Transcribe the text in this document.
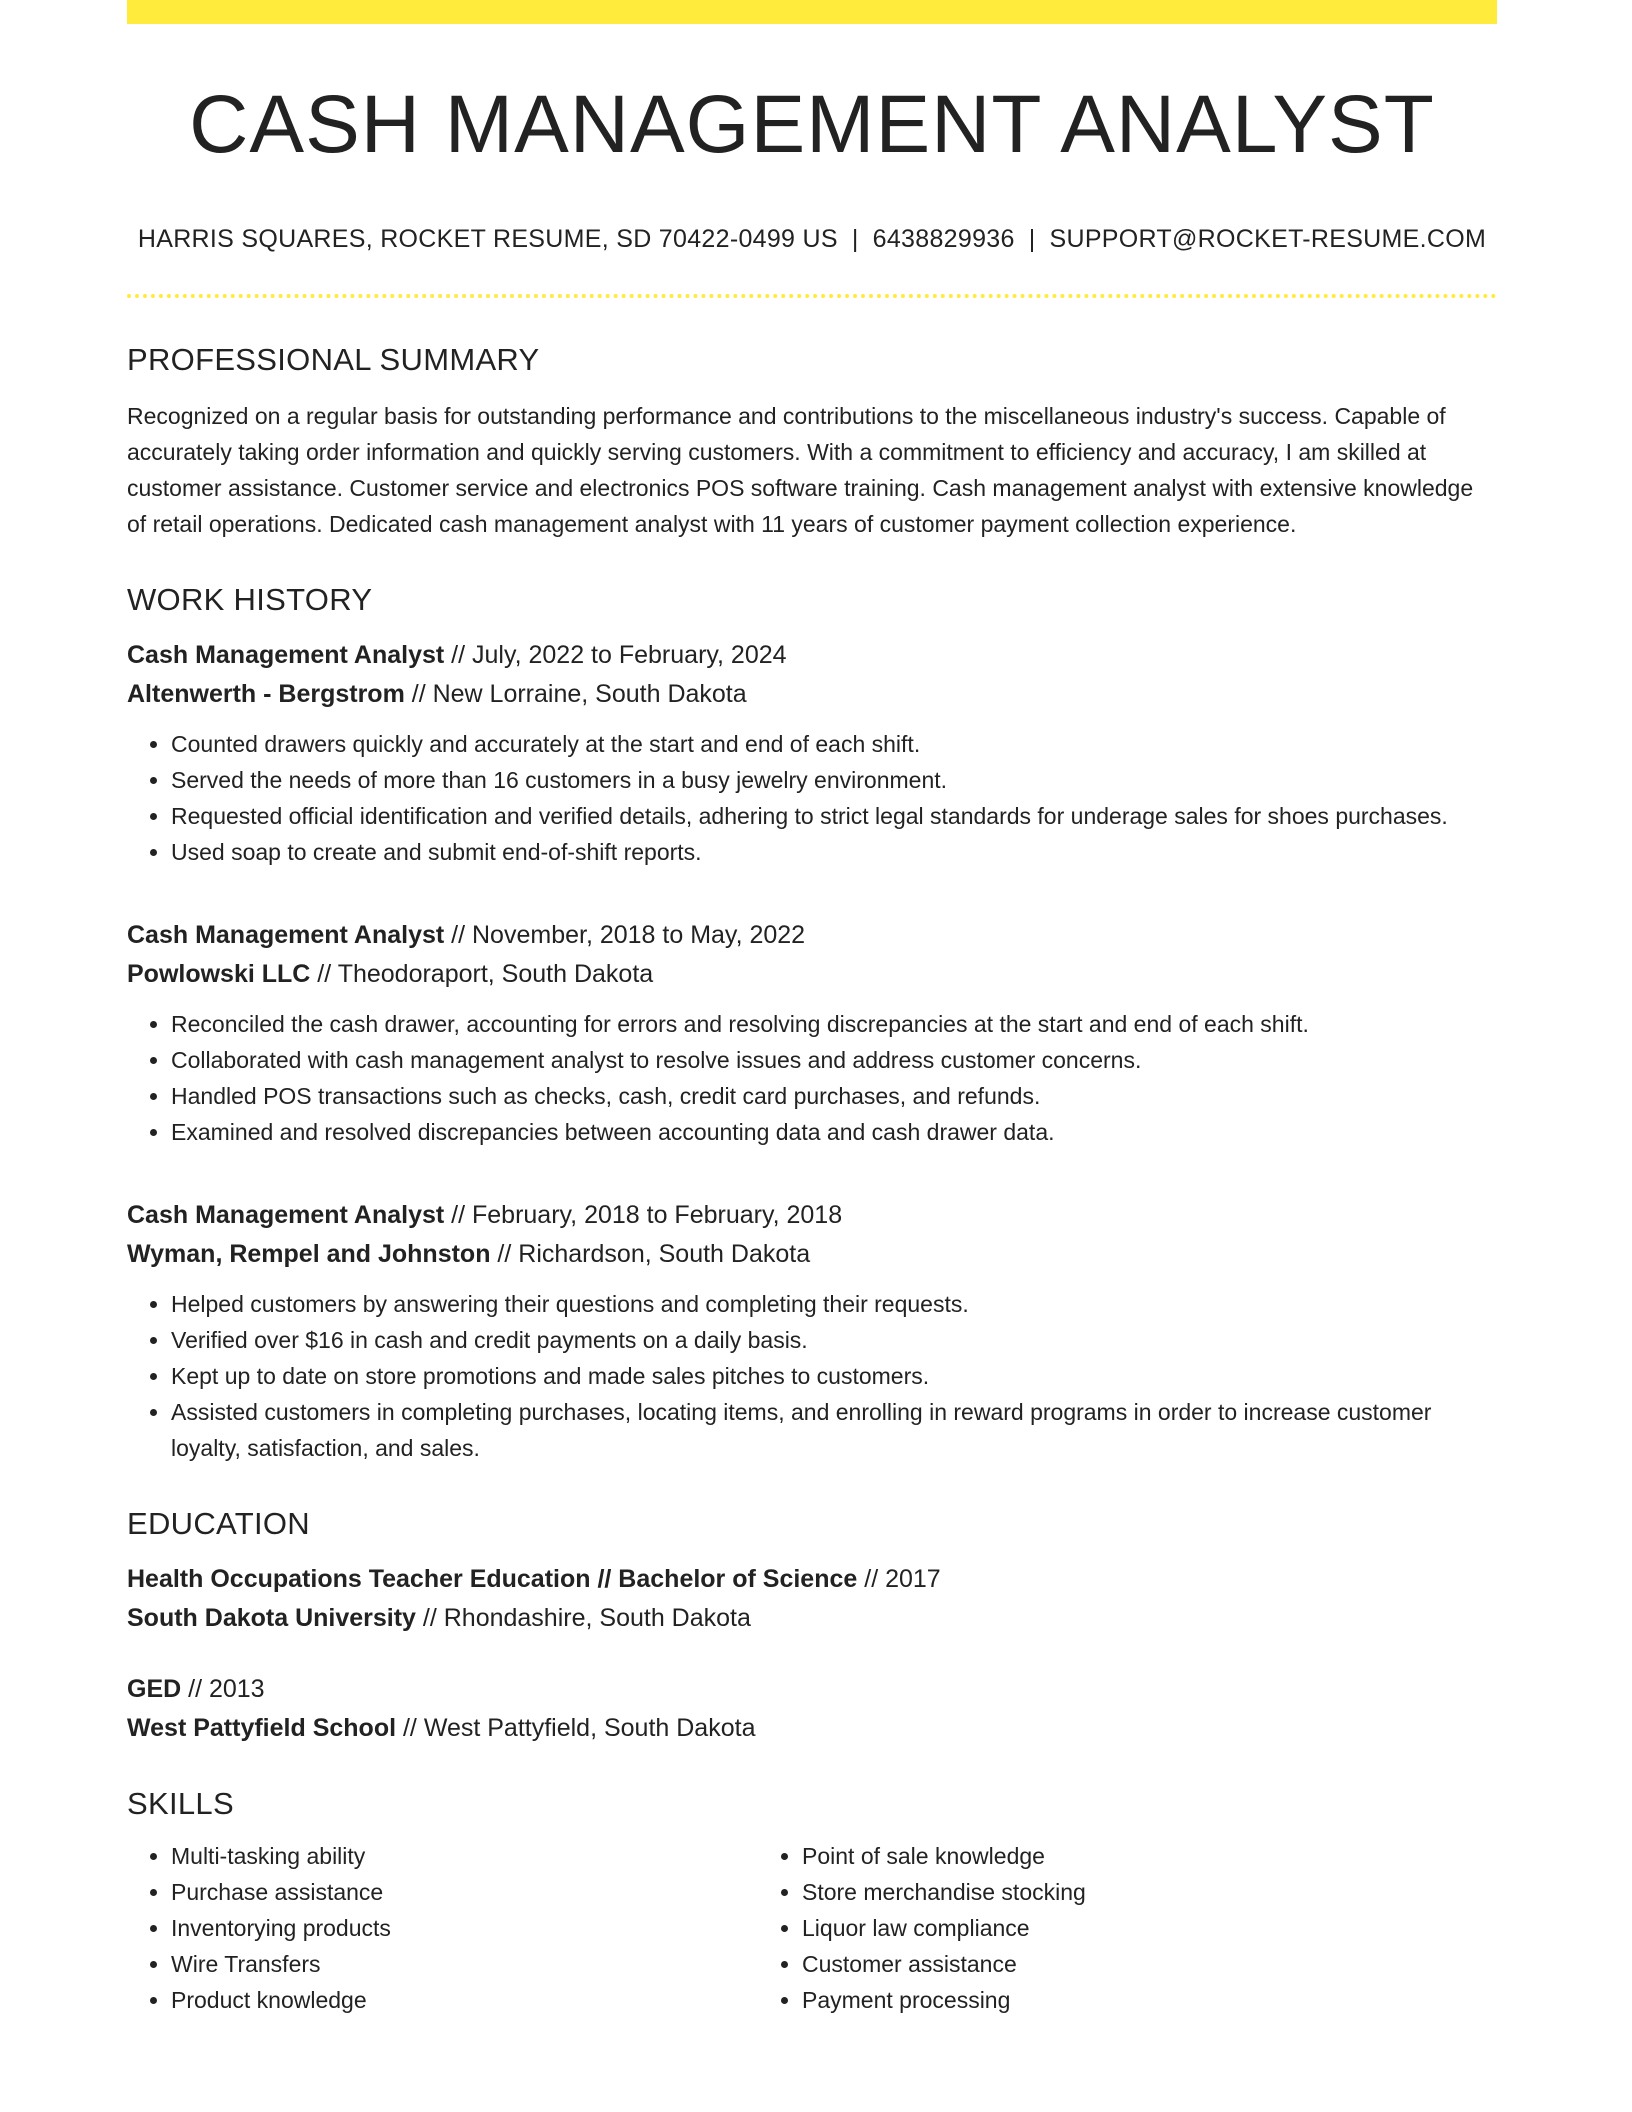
CASH MANAGEMENT ANALYST
HARRIS SQUARES, ROCKET RESUME, SD 70422-0499 US | 6438829936 | SUPPORT@ROCKET-RESUME.COM
PROFESSIONAL SUMMARY
Recognized on a regular basis for outstanding performance and contributions to the miscellaneous industry's success. Capable of accurately taking order information and quickly serving customers. With a commitment to efficiency and accuracy, I am skilled at customer assistance. Customer service and electronics POS software training. Cash management analyst with extensive knowledge of retail operations. Dedicated cash management analyst with 11 years of customer payment collection experience.
WORK HISTORY
Cash Management Analyst // July, 2022 to February, 2024
Altenwerth - Bergstrom // New Lorraine, South Dakota
• Counted drawers quickly and accurately at the start and end of each shift.
• Served the needs of more than 16 customers in a busy jewelry environment.
• Requested official identification and verified details, adhering to strict legal standards for underage sales for shoes purchases.
• Used soap to create and submit end-of-shift reports.
Cash Management Analyst // November, 2018 to May, 2022
Powlowski LLC // Theodoraport, South Dakota
• Reconciled the cash drawer, accounting for errors and resolving discrepancies at the start and end of each shift.
• Collaborated with cash management analyst to resolve issues and address customer concerns.
• Handled POS transactions such as checks, cash, credit card purchases, and refunds.
• Examined and resolved discrepancies between accounting data and cash drawer data.
Cash Management Analyst // February, 2018 to February, 2018
Wyman, Rempel and Johnston // Richardson, South Dakota
• Helped customers by answering their questions and completing their requests.
• Verified over $16 in cash and credit payments on a daily basis.
• Kept up to date on store promotions and made sales pitches to customers.
• Assisted customers in completing purchases, locating items, and enrolling in reward programs in order to increase customer loyalty, satisfaction, and sales.
EDUCATION
Health Occupations Teacher Education // Bachelor of Science // 2017
South Dakota University // Rhondashire, South Dakota
GED // 2013
West Pattyfield School // West Pattyfield, South Dakota
SKILLS
• Multi-tasking ability
• Purchase assistance
• Inventorying products
• Wire Transfers
• Product knowledge
• Point of sale knowledge
• Store merchandise stocking
• Liquor law compliance
• Customer assistance
• Payment processing
